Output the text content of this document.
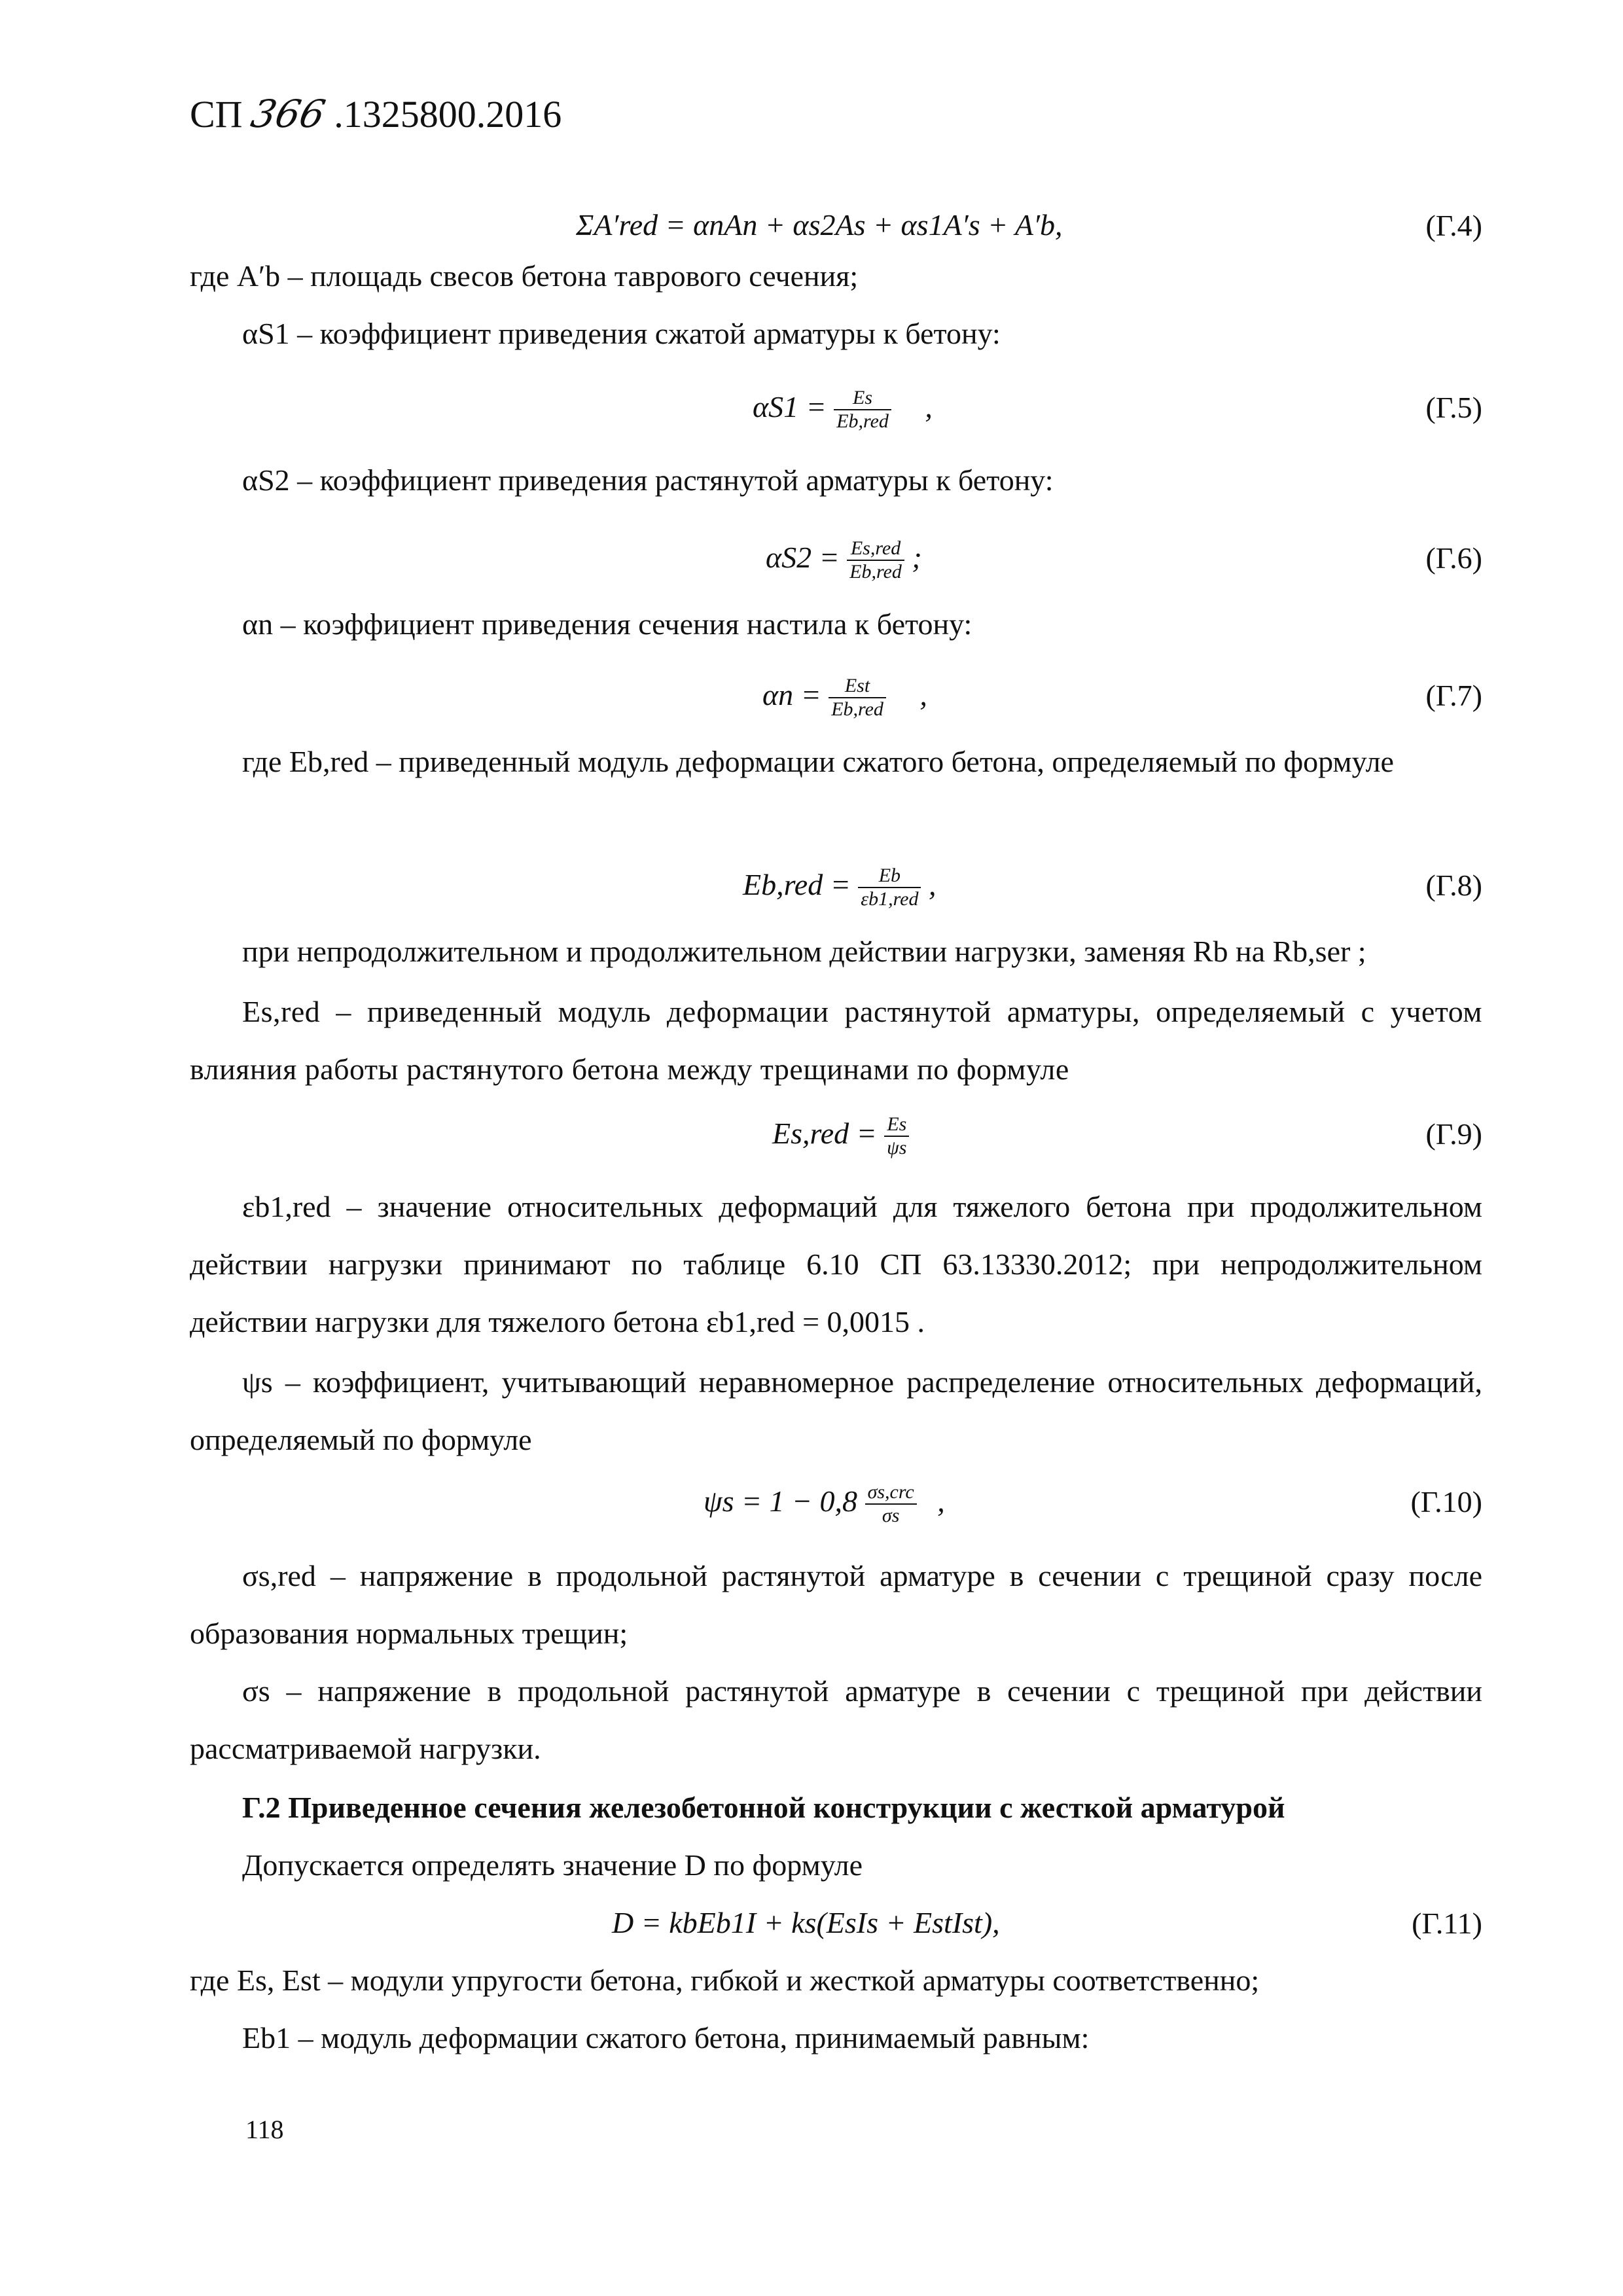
СП 366 .1325800.2016
ΣA′red = αnAn + αs2As + αs1A′s + A′b,	(Г.4)
где A′b – площадь свесов бетона таврового сечения;
αS1 – коэффициент приведения сжатой арматуры к бетону:
$\alpha S1 = \frac{Es}{\text{Eb,red}}$ ,	(Г.5)
αS2 – коэффициент приведения растянутой арматуры к бетону:
$\alpha S2 = \frac{\text{Es,red}}{\text{Eb,red}}$ ;	(Г.6)
αn – коэффициент приведения сечения настила к бетону:
$\alpha n = \frac{\text{Est}}{\text{Eb,red}}$ ,	(Г.7)
где Eb,red – приведенный модуль деформации сжатого бетона, определяемый по формуле
$Eb,red = \frac{Eb}{\text{εb1,red}}$ ,	(Г.8)
при непродолжительном и продолжительном действии нагрузки, заменяя Rb на Rb,ser ;
Es,red – приведенный модуль деформации растянутой арматуры, определяемый с учетом влияния работы растянутого бетона между трещинами по формуле
$Es,red = \frac{Es}{\psi s}$	(Г.9)
εb1,red – значение относительных деформаций для тяжелого бетона при продолжительном действии нагрузки принимают по таблице 6.10 СП 63.13330.2012; при непродолжительном действии нагрузки для тяжелого бетона εb1,red = 0,0015 .
ψs – коэффициент, учитывающий неравномерное распределение относительных деформаций, определяемый по формуле
$\psi s = 1 - 0,8 \frac{\text{σs,crc}}{\sigma s}$ ,	(Г.10)
σs,red – напряжение в продольной растянутой арматуре в сечении с трещиной сразу после образования нормальных трещин;
σs – напряжение в продольной растянутой арматуре в сечении с трещиной при действии рассматриваемой нагрузки.
Г.2 Приведенное сечения железобетонной конструкции с жесткой арматурой
Допускается определять значение D по формуле
D = kbEb1I + ks(EsIs + EstIst),	(Г.11)
где Es, Est – модули упругости бетона, гибкой и жесткой арматуры соответственно;
Eb1 – модуль деформации сжатого бетона, принимаемый равным:
118
